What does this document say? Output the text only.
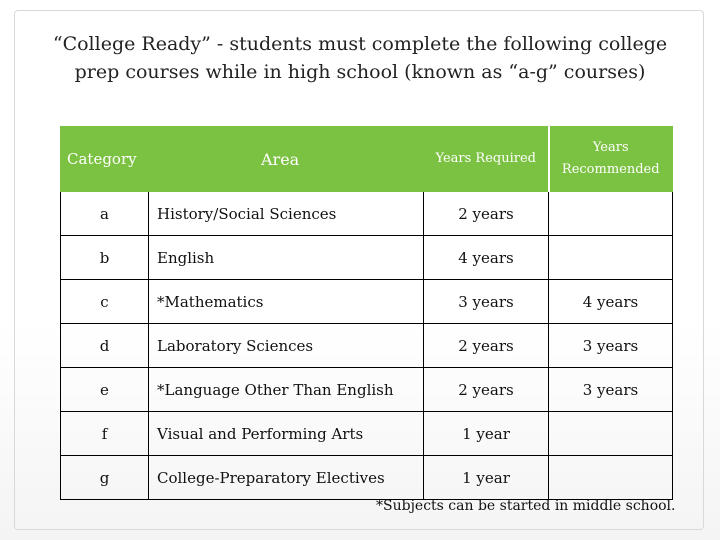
“College Ready” - students must complete the following college prep courses while in high school (known as “a-g” courses)
Category	Area	Years Required	Years Recommended
a	History/Social Sciences	2 years	
b	English	4 years	
c	*Mathematics	3 years	4 years
d	Laboratory Sciences	2 years	3 years
e	*Language Other Than English	2 years	3 years
f	Visual and Performing Arts	1 year	
g	College-Preparatory Electives	1 year	
*Subjects can be started in middle school.
